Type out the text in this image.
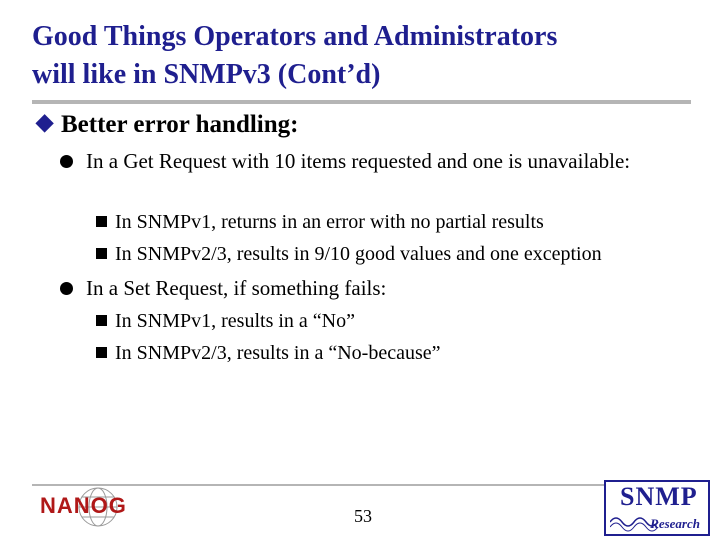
Good Things Operators and Administrators
will like in SNMPv3 (Cont’d)
Better error handling:
In a Get Request with 10 items requested and one is unavailable:
In SNMPv1, returns in an error with no partial results
In SNMPv2/3, results in 9/10 good values and one exception
In a Set Request, if something fails:
In SNMPv1, results in a “No”
In SNMPv2/3, results in a “No-because”
NANOG	53
SNMP
Research
